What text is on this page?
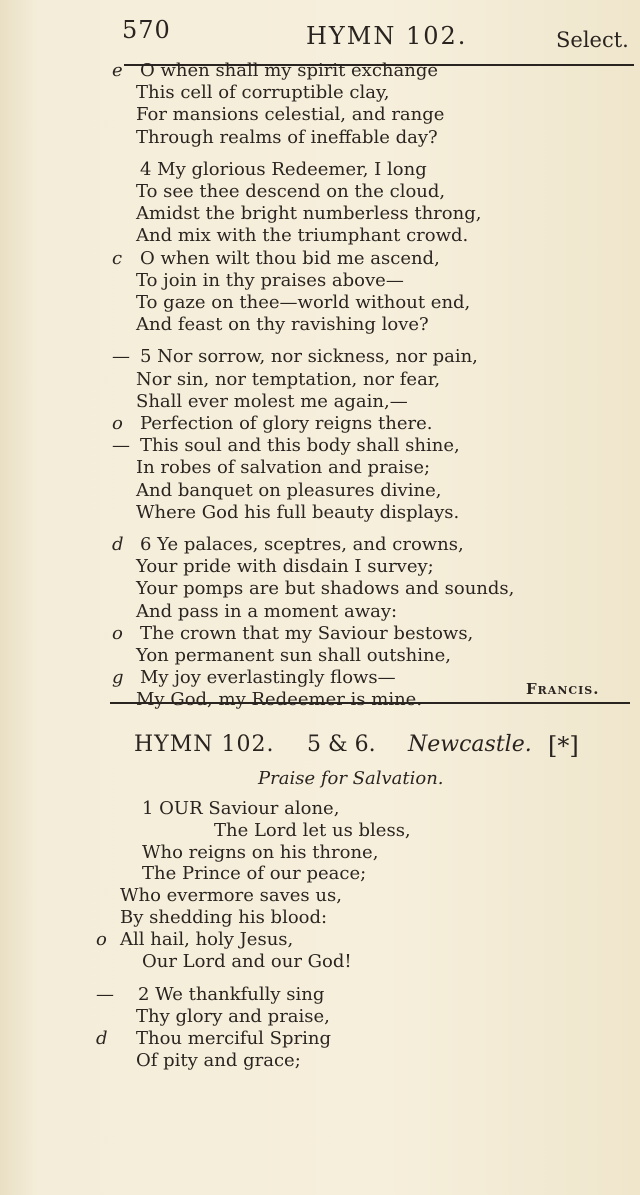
570	HYMN 102.	Select.
e O when shall my spirit exchange
This cell of corruptible clay,
For mansions celestial, and range
Through realms of ineffable day?
4 My glorious Redeemer, I long
To see thee descend on the cloud,
Amidst the bright numberless throng,
And mix with the triumphant crowd.
c O when wilt thou bid me ascend,
To join in thy praises above—
To gaze on thee—world without end,
And feast on thy ravishing love?
— 5 Nor sorrow, nor sickness, nor pain,
Nor sin, nor temptation, nor fear,
Shall ever molest me again,—
o Perfection of glory reigns there.
— This soul and this body shall shine,
In robes of salvation and praise;
And banquet on pleasures divine,
Where God his full beauty displays.
d 6 Ye palaces, sceptres, and crowns,
Your pride with disdain I survey;
Your pomps are but shadows and sounds,
And pass in a moment away:
o The crown that my Saviour bestows,
Yon permanent sun shall outshine,
g My joy everlastingly flows—
My God, my Redeemer is mine.
Francis.
HYMN 102. 5 & 6. Newcastle. [*]
Praise for Salvation.
1 OUR Saviour alone,
The Lord let us bless,
Who reigns on his throne,
The Prince of our peace;
Who evermore saves us,
By shedding his blood:
o All hail, holy Jesus,
Our Lord and our God!
— 2 We thankfully sing
Thy glory and praise,
d Thou merciful Spring
Of pity and grace;
